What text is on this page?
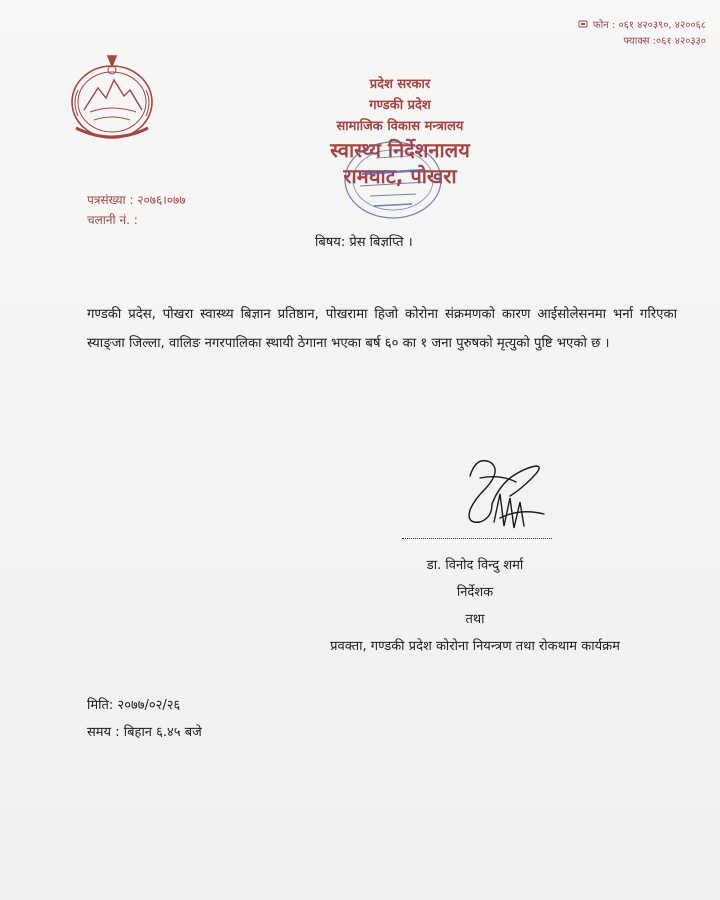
फोन : ०६१ ४२०३९०, ४२००६८
फ्याक्स :०६१ ४२०३३०
प्रदेश सरकार
गण्डकी प्रदेश
सामाजिक विकास मन्त्रालय
स्वास्थ्य निर्देशनालय
रामघाट, पोखरा
पत्रसंख्या : २०७६।०७७
चलानी नं. :
बिषय: प्रेस बिज्ञप्ति ।
गण्डकी प्रदेस, पोखरा स्वास्थ्य बिज्ञान प्रतिष्ठान, पोखरामा हिजो कोरोना संक्रमणको कारण आईसोलेसनमा भर्ना गरिएका स्याङ्जा जिल्ला, वालिङ नगरपालिका स्थायी ठेगाना भएका बर्ष ६० का १ जना पुरुषको मृत्युको पुष्टि भएको छ ।
डा. विनोद विन्दु शर्मा
निर्देशक
तथा
प्रवक्ता, गण्डकी प्रदेश कोरोना नियन्त्रण तथा रोकथाम कार्यक्रम
मिति: २०७७/०२/२६
समय : बिहान ६.४५ बजे
